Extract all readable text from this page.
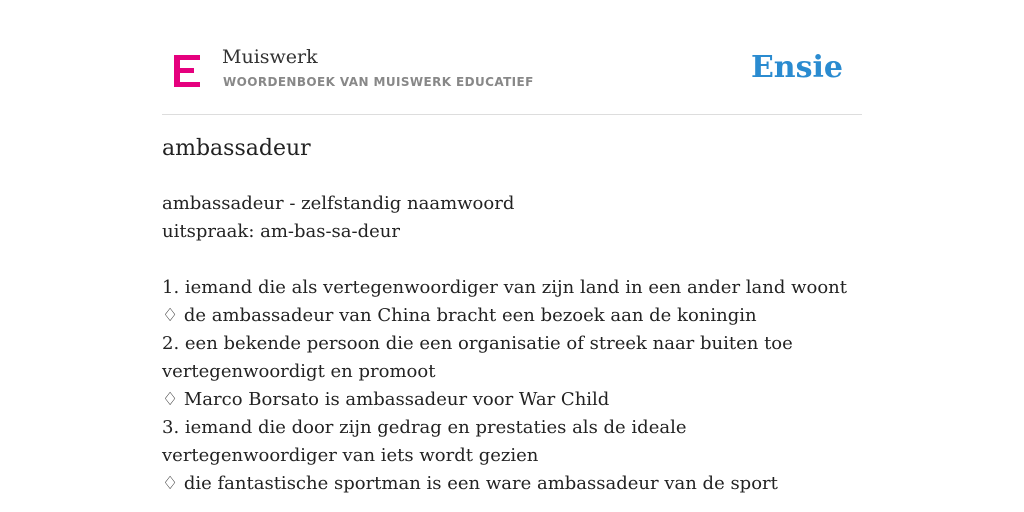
Muiswerk
WOORDENBOEK VAN MUISWERK EDUCATIEF	Ensie
ambassadeur
ambassadeur - zelfstandig naamwoord
uitspraak: am-bas-sa-deur
1. iemand die als vertegenwoordiger van zijn land in een ander land woont
♢ de ambassadeur van China bracht een bezoek aan de koningin
2. een bekende persoon die een organisatie of streek naar buiten toe vertegenwoordigt en promoot
♢ Marco Borsato is ambassadeur voor War Child
3. iemand die door zijn gedrag en prestaties als de ideale vertegenwoordiger van iets wordt gezien
♢ die fantastische sportman is een ware ambassadeur van de sport
